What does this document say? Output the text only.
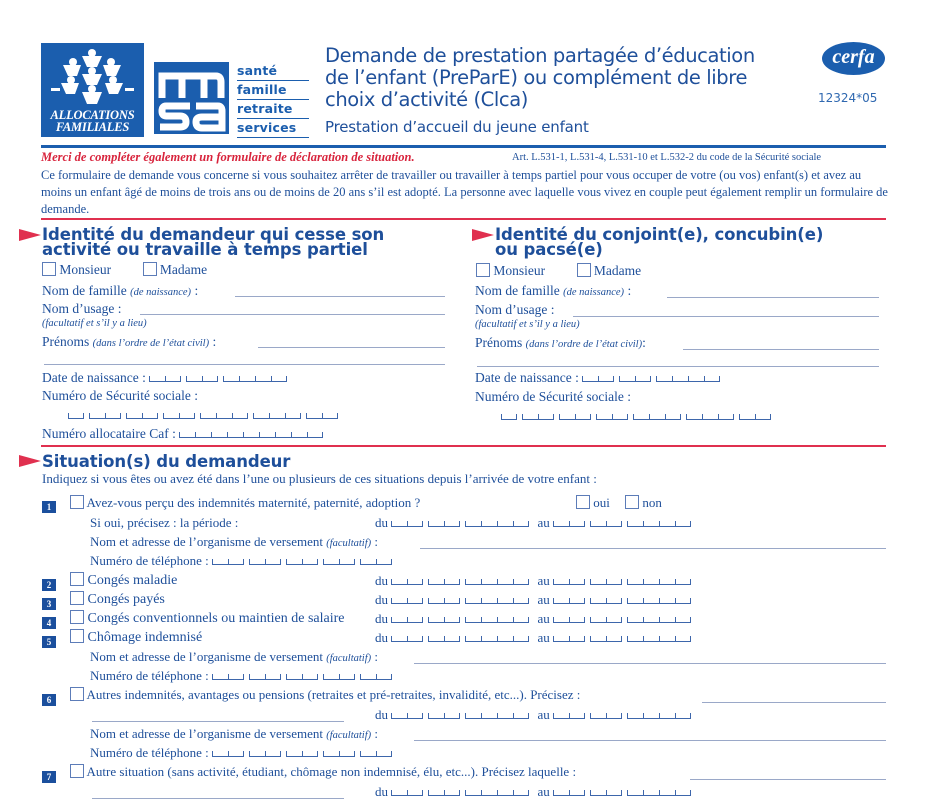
ALLOCATIONS
FAMILIALES
santé
famille
retraite
services
Demande de prestation partagée d’éducation
de l’enfant (PreParE) ou complément de libre
choix d’activité (Clca)
Prestation d’accueil du jeune enfant
cerfa
12324*05
Merci de compléter également un formulaire de déclaration de situation.	Art. L.531-1, L.531-4, L.531-10 et L.532-2 du code de la Sécurité sociale
Ce formulaire de demande vous concerne si vous souhaitez arrêter de travailler ou travailler à temps partiel pour vous occuper de votre (ou vos) enfant(s) et avez au moins un enfant âgé de moins de trois ans ou de moins de 20 ans s’il est adopté. La personne avec laquelle vous vivez en couple peut également remplir un formulaire de demande.
Identité du demandeur qui cesse son
activité ou travaille à temps partiel
Monsieur	Madame
Nom de famille (de naissance) :
Nom d’usage :
(facultatif et s’il y a lieu)
Prénoms (dans l’ordre de l’état civil) :
Date de naissance :
Numéro de Sécurité sociale :
Numéro allocataire Caf :
Identité du conjoint(e), concubin(e)
ou pacsé(e)
Monsieur	Madame
Nom de famille (de naissance) :
Nom d’usage :
(facultatif et s’il y a lieu)
Prénoms (dans l’ordre de l’état civil):
Date de naissance :
Numéro de Sécurité sociale :
Situation(s) du demandeur
Indiquez si vous êtes ou avez été dans l’une ou plusieurs de ces situations depuis l’arrivée de votre enfant :
1	Avez-vous perçu des indemnités maternité, paternité, adoption ?	oui	non
Si oui, précisez : la période :	du	au
Nom et adresse de l’organisme de versement (facultatif) :
Numéro de téléphone :
2	Congés maladie	du	au
3	Congés payés	du	au
4	Congés conventionnels ou maintien de salaire du	au
5	Chômage indemnisé	du	au
Nom et adresse de l’organisme de versement (facultatif) :
Numéro de téléphone :
6	Autres indemnités, avantages ou pensions (retraites et pré-retraites, invalidité, etc...). Précisez :
du	au
Nom et adresse de l’organisme de versement (facultatif) :
Numéro de téléphone :
7	Autre situation (sans activité, étudiant, chômage non indemnisé, élu, etc...). Précisez laquelle :
du	au
